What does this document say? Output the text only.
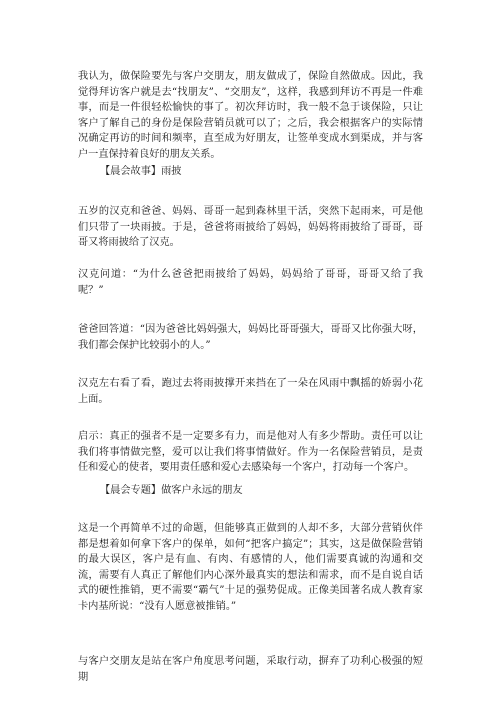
我认为，做保险要先与客户交朋友，朋友做成了，保险自然做成。因此，我觉得拜访客户就是去“找朋友”、“交朋友”，这样，我感到拜访不再是一件难事，而是一件很轻松愉快的事了。初次拜访时，我一般不急于谈保险，只让客户了解自己的身份是保险营销员就可以了；之后，我会根据客户的实际情况确定再访的时间和频率，直至成为好朋友，让签单变成水到渠成，并与客户一直保持着良好的朋友关系。

【晨会故事】雨披

五岁的汉克和爸爸、妈妈、哥哥一起到森林里干活，突然下起雨来，可是他们只带了一块雨披。于是，爸爸将雨披给了妈妈，妈妈将雨披给了哥哥，哥哥又将雨披给了汉克。

汉克问道：“为什么爸爸把雨披给了妈妈，妈妈给了哥哥，哥哥又给了我呢？”

爸爸回答道：“因为爸爸比妈妈强大，妈妈比哥哥强大，哥哥又比你强大呀，我们都会保护比较弱小的人。”

汉克左右看了看，跑过去将雨披撑开来挡在了一朵在风雨中飘摇的娇弱小花上面。

启示：真正的强者不是一定要多有力，而是他对人有多少帮助。责任可以让我们将事情做完整，爱可以让我们将事情做好。作为一名保险营销员，是责任和爱心的使者，要用责任感和爱心去感染每一个客户，打动每一个客户。

【晨会专题】做客户永远的朋友

这是一个再简单不过的命题，但能够真正做到的人却不多，大部分营销伙伴都是想着如何拿下客户的保单，如何“把客户搞定”；其实，这是做保险营销的最大误区，客户是有血、有肉、有感情的人，他们需要真诚的沟通和交流，需要有人真正了解他们内心深外最真实的想法和需求，而不是自说自话式的硬性推销，更不需要“霸气”十足的强势促成。正像美国著名成人教育家卡内基所说：“没有人愿意被推销。”

与客户交朋友是站在客户角度思考问题，采取行动，摒弃了功利心极强的短期
